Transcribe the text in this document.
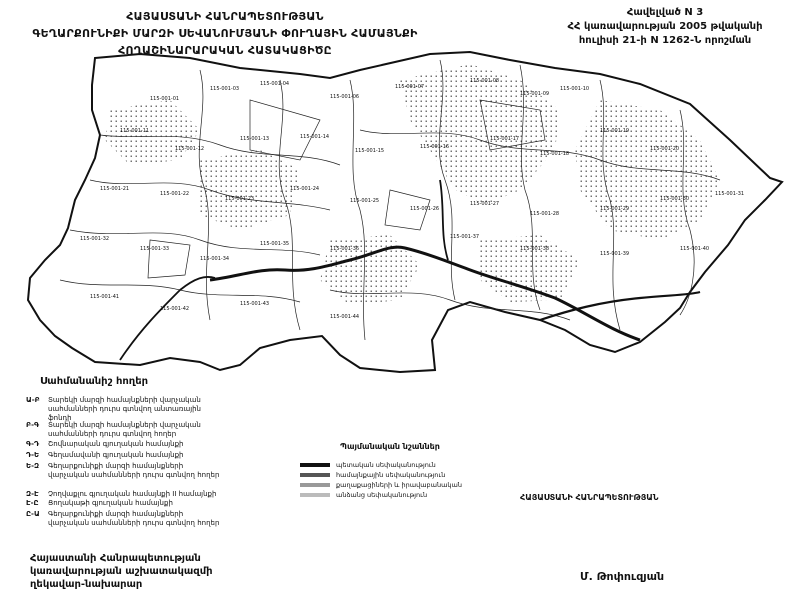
ՀԱՅԱՍՏԱՆԻ ՀԱՆՐԱՊԵՏՈՒԹՅԱՆ
ԳԵՂԱՐՔՈՒՆԻՔԻ ՄԱՐԶԻ ՍԵՎԱՆՈՒՄՅԱՆԻ ՓՈՒՂԱՅԻՆ ՀԱՄԱՅՆՔԻ
ՀՈՂԱՇԻՆԱՐԱՐԱԿԱՆ ՀԱՏԱԿԱՑԻԾԸ
Հավելված N 3
ՀՀ կառավարության 2005 թվականի
հուլիսի 21-ի N 1262-Ն որոշման
115-001-01
115-001-03
115-001-04
115-001-06
115-001-07
115-001-08
115-001-09
115-001-10
115-001-11
115-001-12
115-001-13	115-001-14
115-001-15
115-001-16
115-001-17
115-001-18
115-001-19
115-001-20
115-001-21
115-001-22
115-001-23
115-001-24
115-001-25
115-001-26
115-001-27
115-001-28
115-001-29
115-001-30
115-001-31
115-001-32
115-001-33
115-001-34
115-001-35
115-001-36
115-001-37
115-001-38
115-001-39
115-001-40
115-001-41
115-001-42
115-001-43
115-001-44
Սահմանանիշ հողեր
Ա-Բ	Տարեկի մարզի համայնքների վարչական սահմանների դուրս գտնվող անտառային ֆոնդի
Բ-Գ	Տարեկի մարզի համայնքների վարչական սահմանների դուրս գտնվող հողեր
Գ-Դ	Շովնարական գյուղական համայնքի
Դ-Ե	Գեղամավանի գյուղական համայնքի
Ե-Զ	Գեղարքունիքի մարզի համայնքների վարչական սահմանների դուրս գտնվող հողեր
Զ-Է	Չողվաքլու գյուղական համայնքի II համայնքի
Է-Ը	Ցողակաթի գյուղական համայնքի
Ը-Ա	Գեղարքունիքի մարզի համայնքների վարչական սահմանների դուրս գտնվող հողեր
Պայմանական նշաններ
պետական սեփականություն
համայնքային սեփականություն
քաղաքացիների և իրավաբանական
անձանց սեփականություն	ՀԱՅԱՍՏԱՆԻ ՀԱՆՐԱՊԵՏՈՒԹՅԱՆ
Հայաստանի Հանրապետության
կառավարության աշխատակազմի
ղեկավար-նախարար
Մ. Թոփուզյան
